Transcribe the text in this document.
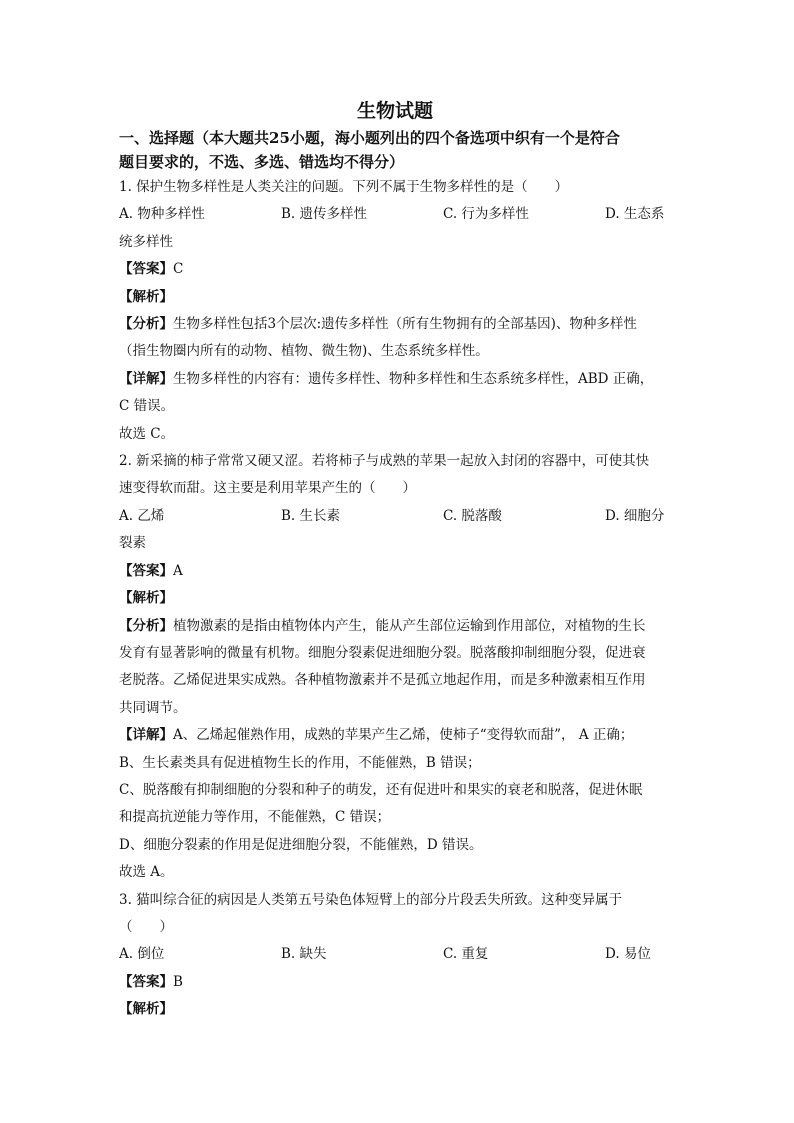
生物试题

一、选择题（本大题共25小题，海小题列出的四个备选项中织有一个是符合

题目要求的，不选、多选、错选均不得分）

1. 保护生物多样性是人类关注的问题。下列不属于生物多样性的是（　　）

A. 物种多样性	B. 遗传多样性	C. 行为多样性	D. 生态系

统多样性

【答案】C

【解析】

【分析】生物多样性包括3个层次:遗传多样性（所有生物拥有的全部基因)、物种多样性

（指生物圈内所有的动物、植物、微生物)、生态系统多样性。

【详解】生物多样性的内容有：遗传多样性、物种多样性和生态系统多样性，ABD 正确，

C 错误。

故选 C。

2. 新采摘的柿子常常又硬又涩。若将柿子与成熟的苹果一起放入封闭的容器中，可使其快

速变得软而甜。这主要是利用苹果产生的（　　）

A. 乙烯	B. 生长素	C. 脱落酸	D. 细胞分

裂素

【答案】A

【解析】

【分析】植物激素的是指由植物体内产生，能从产生部位运输到作用部位，对植物的生长

发育有显著影响的微量有机物。细胞分裂素促进细胞分裂。脱落酸抑制细胞分裂，促进衰

老脱落。乙烯促进果实成熟。各种植物激素并不是孤立地起作用，而是多种激素相互作用

共同调节。

【详解】A、乙烯起催熟作用，成熟的苹果产生乙烯，使柿子“变得软而甜”， A 正确；

B、生长素类具有促进植物生长的作用，不能催熟，B 错误；

C、脱落酸有抑制细胞的分裂和种子的萌发，还有促进叶和果实的衰老和脱落，促进休眠

和提高抗逆能力等作用，不能催熟，C 错误；

D、细胞分裂素的作用是促进细胞分裂，不能催熟，D 错误。

故选 A。

3. 猫叫综合征的病因是人类第五号染色体短臂上的部分片段丢失所致。这种变异属于

（　　）

A. 倒位	B. 缺失	C. 重复	D. 易位

【答案】B

【解析】
